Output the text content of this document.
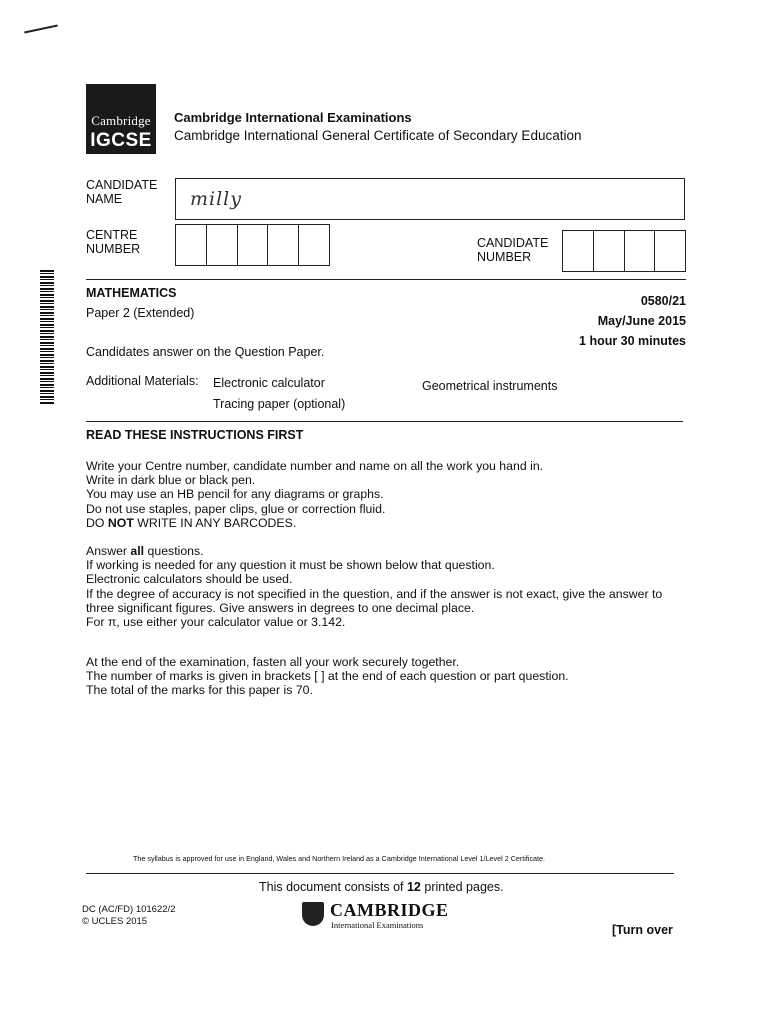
Cambridge
IGCSE
Cambridge International Examinations
Cambridge International General Certificate of Secondary Education
CANDIDATE
NAME	milly
CENTRE
NUMBER	CANDIDATE
NUMBER
MATHEMATICS
Paper 2 (Extended)
0580/21
May/June 2015
1 hour 30 minutes
Candidates answer on the Question Paper.
Additional Materials: Electronic calculator	Geometrical instruments
Tracing paper (optional)
READ THESE INSTRUCTIONS FIRST
Write your Centre number, candidate number and name on all the work you hand in.
Write in dark blue or black pen.
You may use an HB pencil for any diagrams or graphs.
Do not use staples, paper clips, glue or correction fluid.
DO NOT WRITE IN ANY BARCODES.
Answer all questions.
If working is needed for any question it must be shown below that question.
Electronic calculators should be used.
If the degree of accuracy is not specified in the question, and if the answer is not exact, give the answer to
three significant figures. Give answers in degrees to one decimal place.
For π, use either your calculator value or 3.142.
At the end of the examination, fasten all your work securely together.
The number of marks is given in brackets [ ] at the end of each question or part question.
The total of the marks for this paper is 70.
The syllabus is approved for use in England, Wales and Northern Ireland as a Cambridge International Level 1/Level 2 Certificate.
This document consists of 12 printed pages.
DC (AC/FD) 101622/2
© UCLES 2015
CAMBRIDGE
International Examinations	[Turn over
